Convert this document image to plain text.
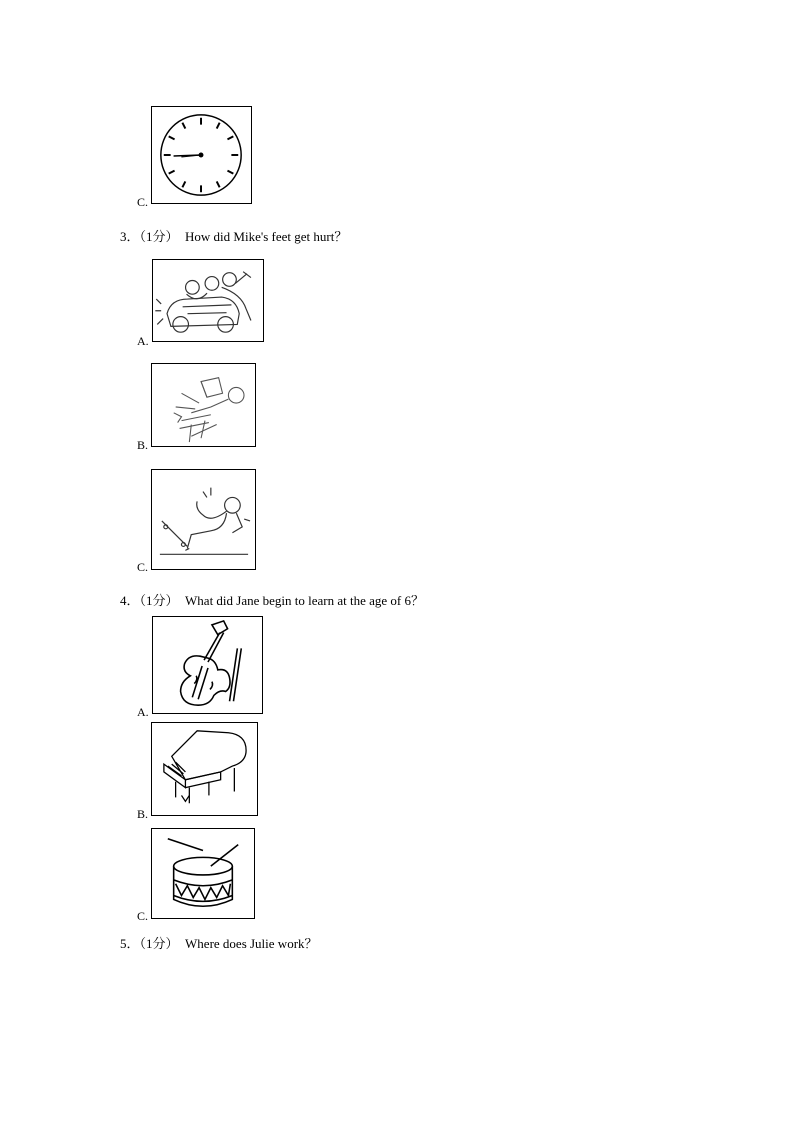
C.
3．（1分） How did Mike's feet get hurt？
A.
B.
C.
4．（1分） What did Jane begin to learn at the age of 6？
A.
B.
C.
5．（1分） Where does Julie work？
